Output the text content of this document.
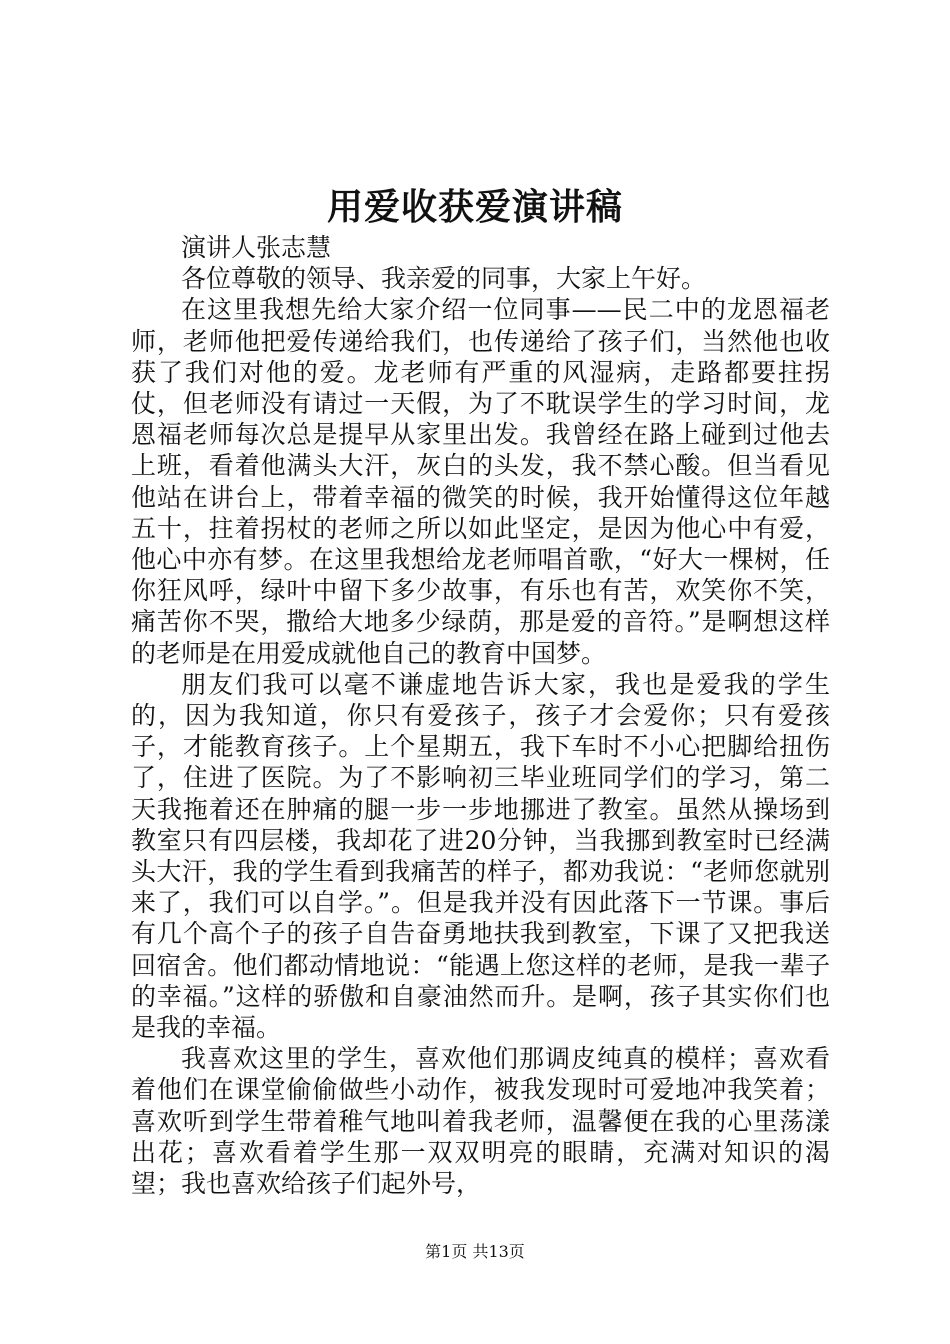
用爱收获爱演讲稿

演讲人张志慧

各位尊敬的领导、我亲爱的同事，大家上午好。

在这里我想先给大家介绍一位同事——民二中的龙恩福老师，老师他把爱传递给我们，也传递给了孩子们，当然他也收获了我们对他的爱。龙老师有严重的风湿病，走路都要拄拐仗，但老师没有请过一天假，为了不耽误学生的学习时间，龙恩福老师每次总是提早从家里出发。我曾经在路上碰到过他去上班，看着他满头大汗，灰白的头发，我不禁心酸。但当看见他站在讲台上，带着幸福的微笑的时候，我开始懂得这位年越五十，拄着拐杖的老师之所以如此坚定，是因为他心中有爱，他心中亦有梦。在这里我想给龙老师唱首歌，“好大一棵树，任你狂风呼，绿叶中留下多少故事，有乐也有苦，欢笑你不笑，痛苦你不哭，撒给大地多少绿荫，那是爱的音符。”是啊想这样的老师是在用爱成就他自己的教育中国梦。

朋友们我可以毫不谦虚地告诉大家，我也是爱我的学生的，因为我知道，你只有爱孩子，孩子才会爱你；只有爱孩子，才能教育孩子。上个星期五，我下车时不小心把脚给扭伤了，住进了医院。为了不影响初三毕业班同学们的学习，第二天我拖着还在肿痛的腿一步一步地挪进了教室。虽然从操场到教室只有四层楼，我却花了进20分钟，当我挪到教室时已经满头大汗，我的学生看到我痛苦的样子，都劝我说：“老师您就别来了，我们可以自学。”。但是我并没有因此落下一节课。事后有几个高个子的孩子自告奋勇地扶我到教室，下课了又把我送回宿舍。他们都动情地说：“能遇上您这样的老师，是我一辈子的幸福。”这样的骄傲和自豪油然而升。是啊，孩子其实你们也是我的幸福。

我喜欢这里的学生，喜欢他们那调皮纯真的模样；喜欢看着他们在课堂偷偷做些小动作，被我发现时可爱地冲我笑着；喜欢听到学生带着稚气地叫着我老师，温馨便在我的心里荡漾出花；喜欢看着学生那一双双明亮的眼睛，充满对知识的渴望；我也喜欢给孩子们起外号，

第1页 共13页
